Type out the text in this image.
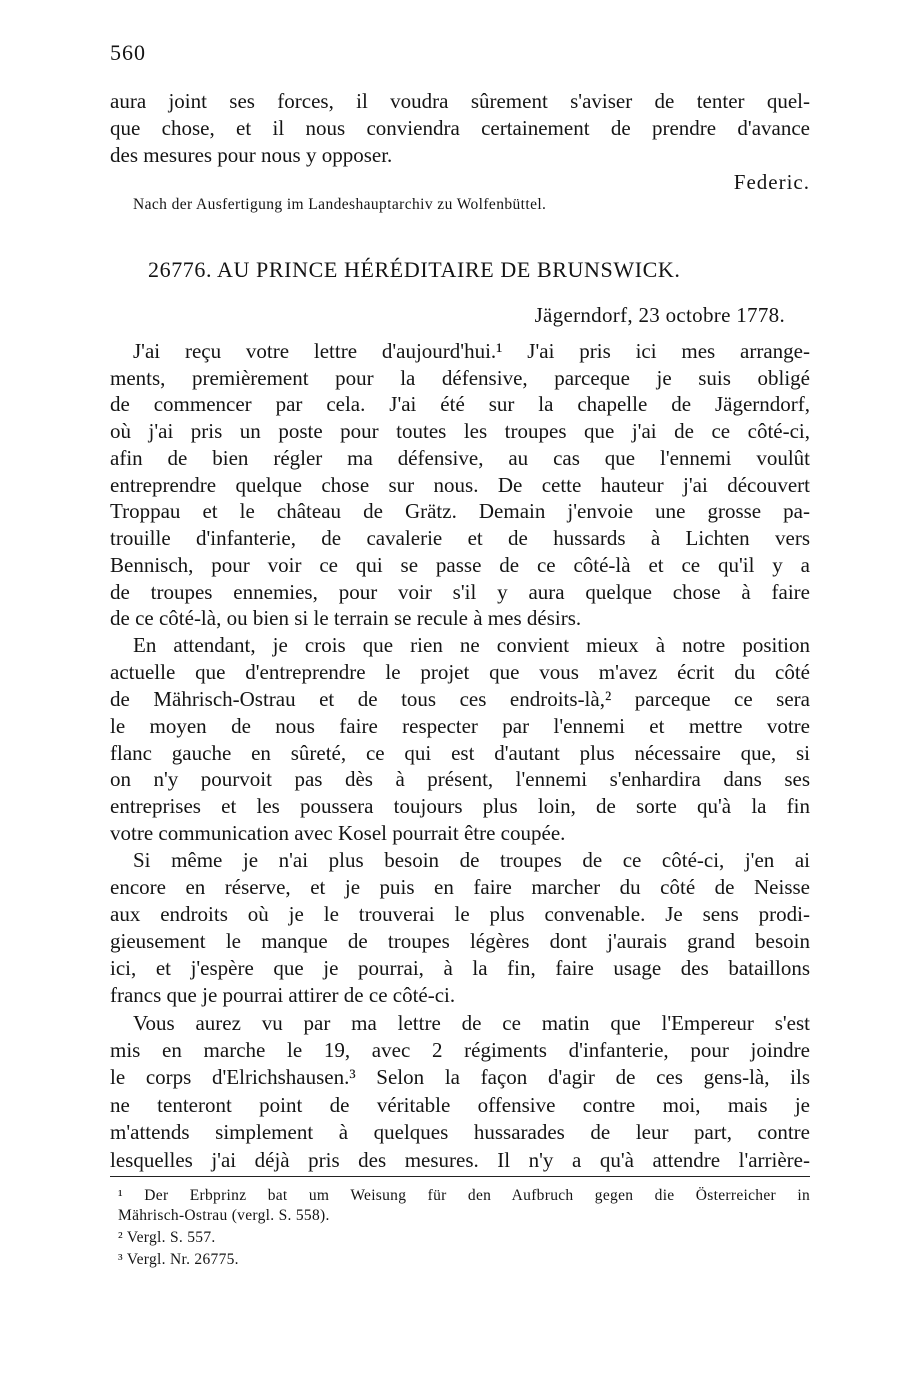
560
aura joint ses forces, il voudra sûrement s'aviser de tenter quel-
que chose, et il nous conviendra certainement de prendre d'avance
des mesures pour nous y opposer.
Federic.
Nach der Ausfertigung im Landeshauptarchiv zu Wolfenbüttel.
26776. AU PRINCE HÉRÉDITAIRE DE BRUNSWICK.
Jägerndorf, 23 octobre 1778.
J'ai reçu votre lettre d'aujourd'hui.¹ J'ai pris ici mes arrange-
ments, premièrement pour la défensive, parceque je suis obligé
de commencer par cela. J'ai été sur la chapelle de Jägerndorf,
où j'ai pris un poste pour toutes les troupes que j'ai de ce côté-ci,
afin de bien régler ma défensive, au cas que l'ennemi voulût
entreprendre quelque chose sur nous. De cette hauteur j'ai découvert
Troppau et le château de Grätz. Demain j'envoie une grosse pa-
trouille d'infanterie, de cavalerie et de hussards à Lichten vers
Bennisch, pour voir ce qui se passe de ce côté-là et ce qu'il y a
de troupes ennemies, pour voir s'il y aura quelque chose à faire
de ce côté-là, ou bien si le terrain se recule à mes désirs.
En attendant, je crois que rien ne convient mieux à notre position
actuelle que d'entreprendre le projet que vous m'avez écrit du côté
de Mährisch-Ostrau et de tous ces endroits-là,² parceque ce sera
le moyen de nous faire respecter par l'ennemi et mettre votre
flanc gauche en sûreté, ce qui est d'autant plus nécessaire que, si
on n'y pourvoit pas dès à présent, l'ennemi s'enhardira dans ses
entreprises et les poussera toujours plus loin, de sorte qu'à la fin
votre communication avec Kosel pourrait être coupée.
Si même je n'ai plus besoin de troupes de ce côté-ci, j'en ai
encore en réserve, et je puis en faire marcher du côté de Neisse
aux endroits où je le trouverai le plus convenable. Je sens prodi-
gieusement le manque de troupes légères dont j'aurais grand besoin
ici, et j'espère que je pourrai, à la fin, faire usage des bataillons
francs que je pourrai attirer de ce côté-ci.
Vous aurez vu par ma lettre de ce matin que l'Empereur s'est
mis en marche le 19, avec 2 régiments d'infanterie, pour joindre
le corps d'Elrichshausen.³ Selon la façon d'agir de ces gens-là, ils
ne tenteront point de véritable offensive contre moi, mais je
m'attends simplement à quelques hussarades de leur part, contre
lesquelles j'ai déjà pris des mesures. Il n'y a qu'à attendre l'arrière-
¹ Der Erbprinz bat um Weisung für den Aufbruch gegen die Österreicher in
Mährisch-Ostrau (vergl. S. 558).
² Vergl. S. 557.
³ Vergl. Nr. 26775.
